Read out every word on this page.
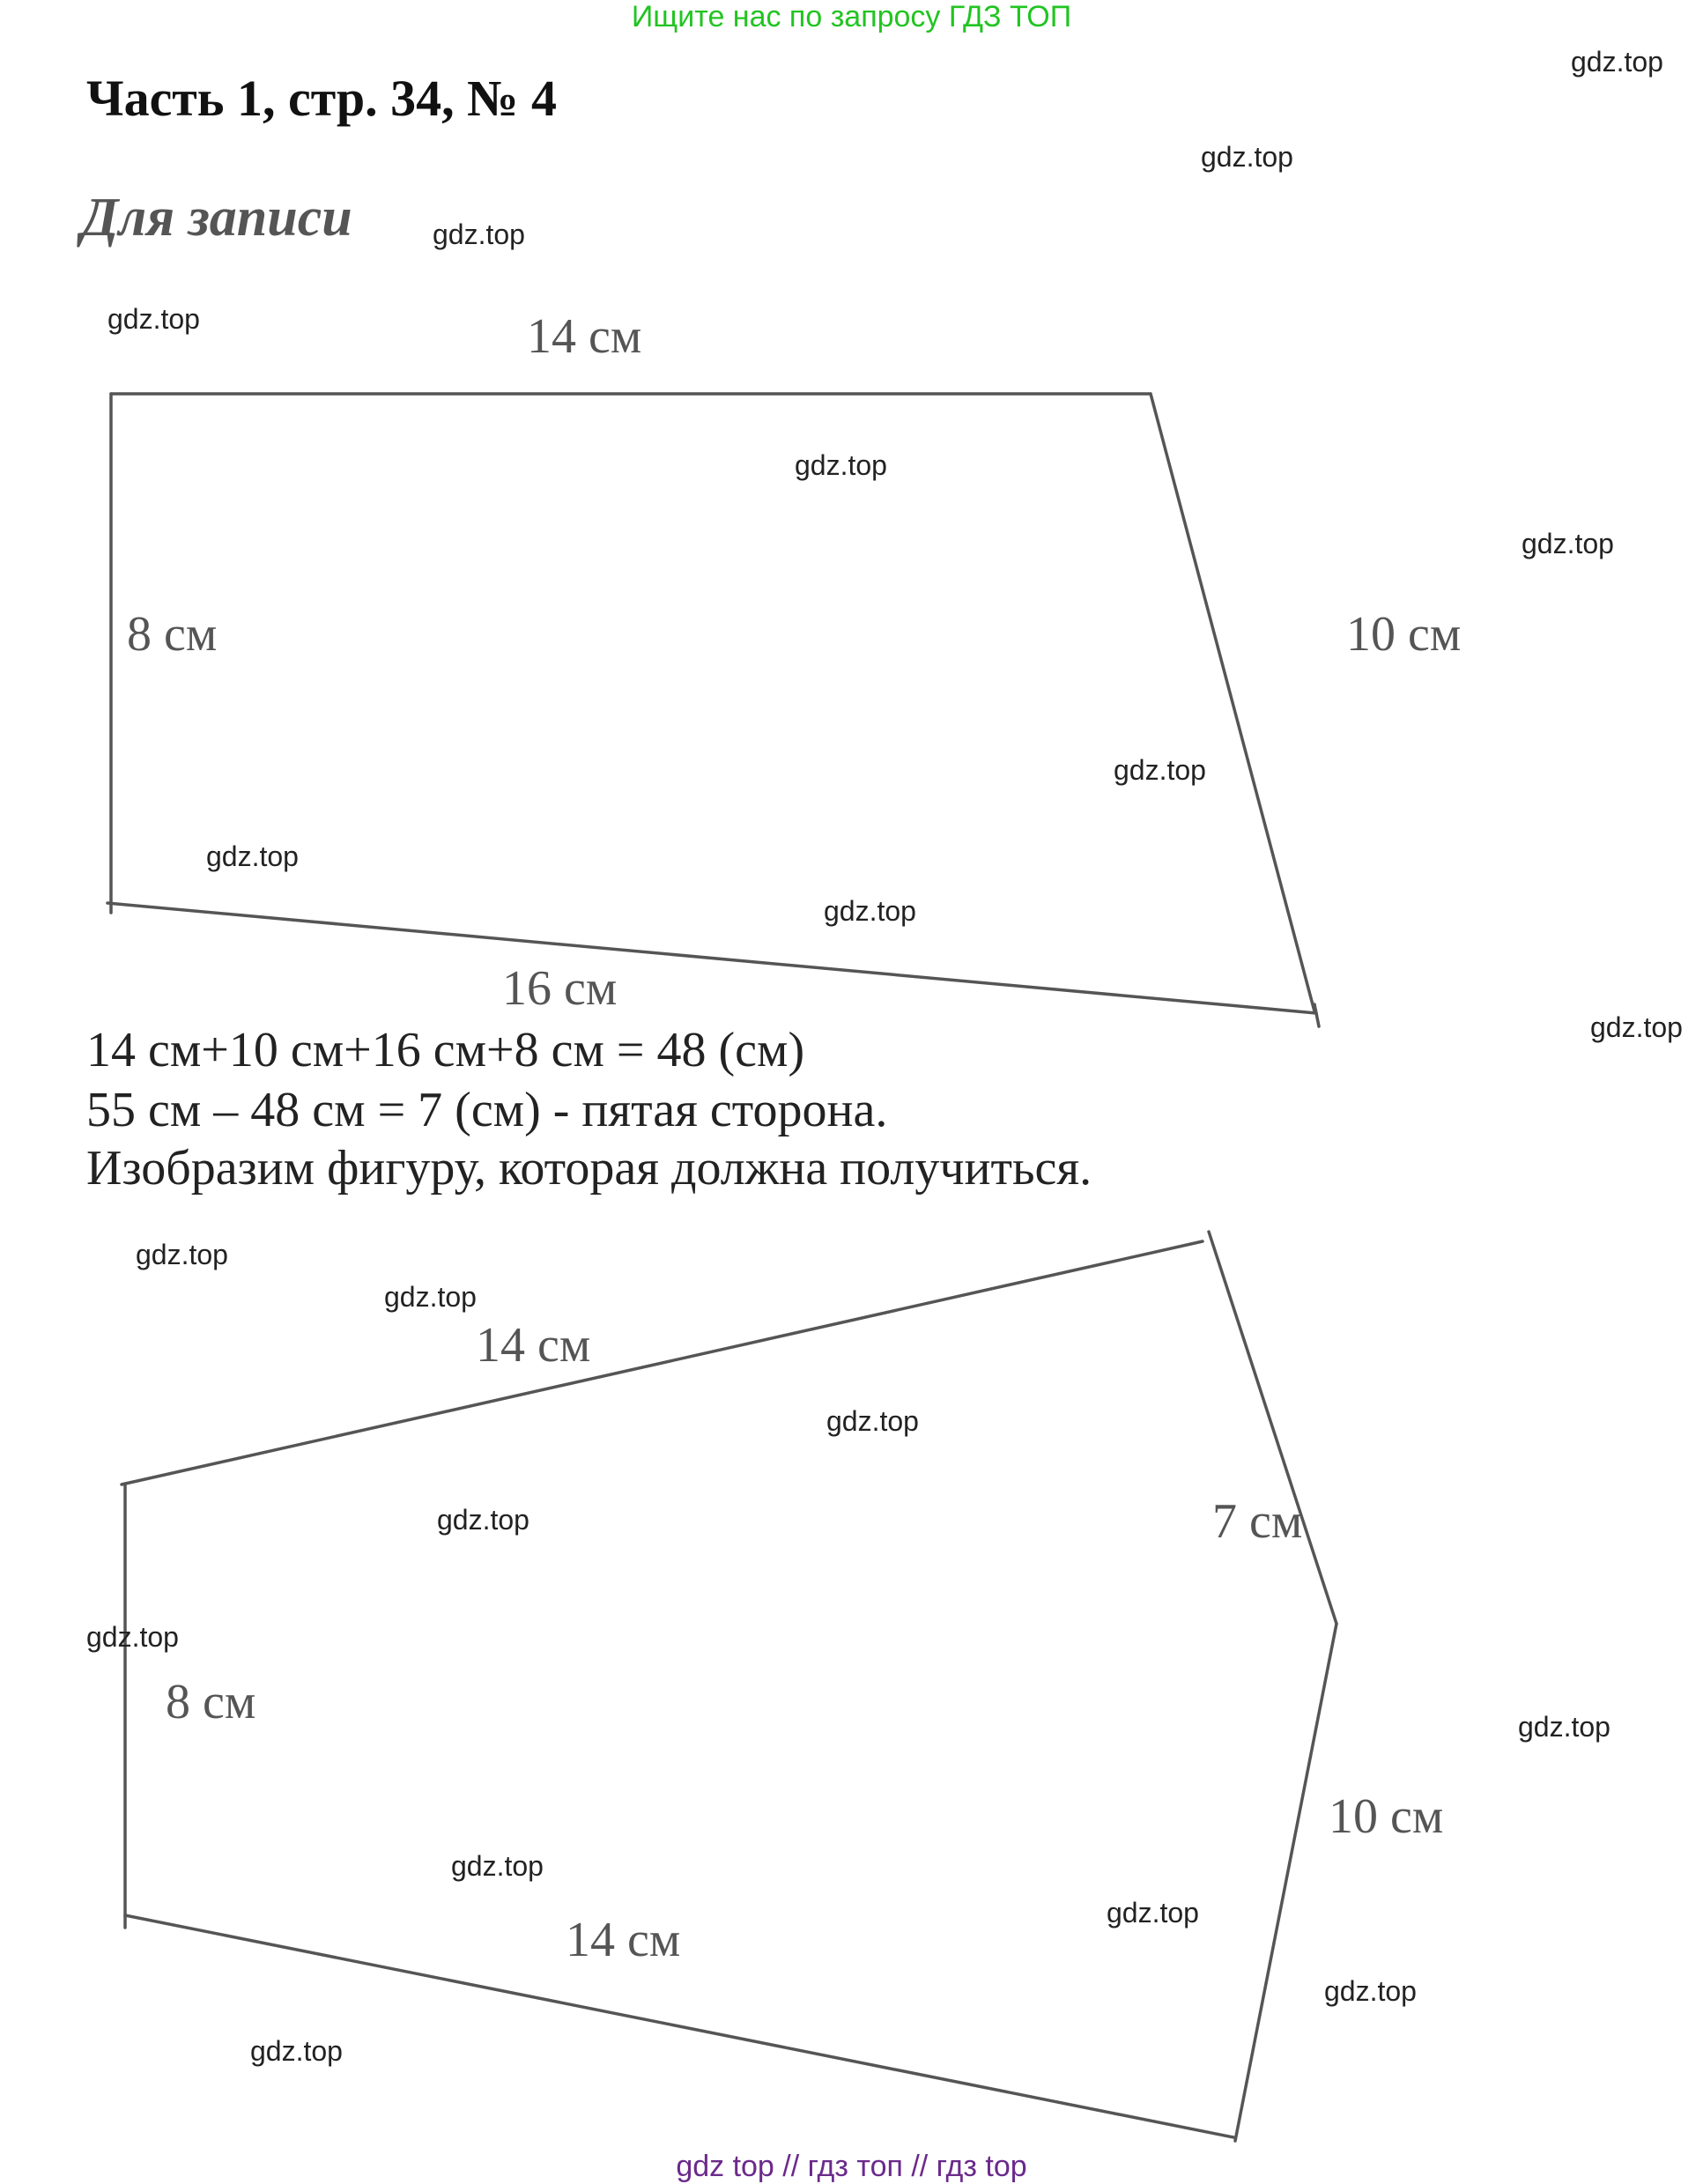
Ищите нас по запросу ГДЗ ТОП
Часть 1, стр. 34, № 4
Для записи
14 см
8 см	10 см
16 см
14 см+10 см+16 см+8 см = 48 (см)
55 см – 48 см = 7 (см) - пятая сторона.
Изобразим фигуру, которая должна получиться.
14 см
7 см
8 см
10 см
14 см
gdz.top
gdz.top
gdz.top
gdz.top
gdz.top
gdz.top
gdz.top
gdz.top
gdz.top
gdz.top
gdz.top
gdz.top
gdz.top
gdz.top
gdz.top
gdz.top
gdz.top
gdz.top
gdz.top
gdz.top
gdz top // гдз топ // гдз top
